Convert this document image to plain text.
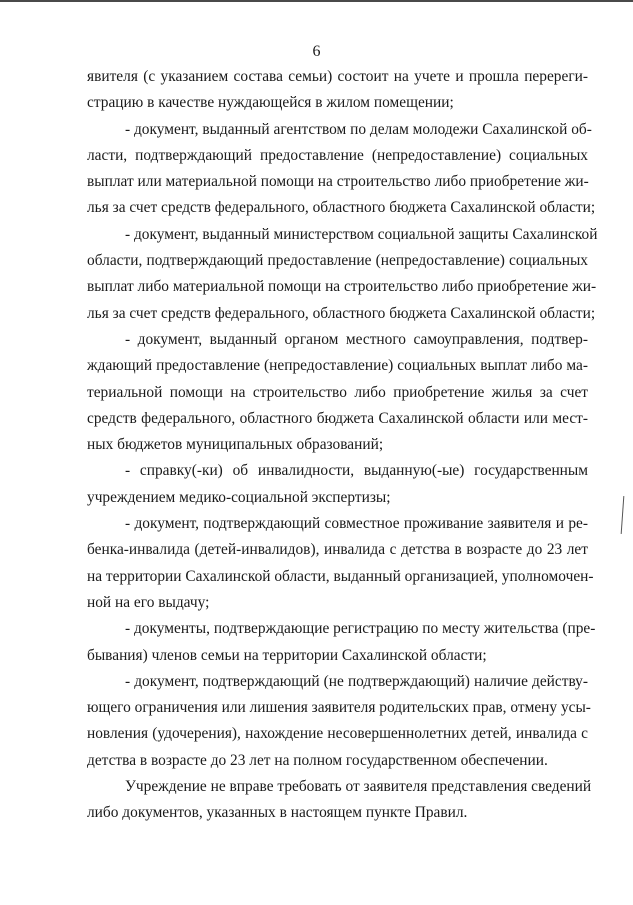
6
явителя (с указанием состава семьи) состоит на учете и прошла перереги-
страцию в качестве нуждающейся в жилом помещении;
- документ, выданный агентством по делам молодежи Сахалинской об-
ласти, подтверждающий предоставление (непредоставление) социальных
выплат или материальной помощи на строительство либо приобретение жи-
лья за счет средств федерального, областного бюджета Сахалинской области;
- документ, выданный министерством социальной защиты Сахалинской
области, подтверждающий предоставление (непредоставление) социальных
выплат либо материальной помощи на строительство либо приобретение жи-
лья за счет средств федерального, областного бюджета Сахалинской области;
- документ, выданный органом местного самоуправления, подтвер-
ждающий предоставление (непредоставление) социальных выплат либо ма-
териальной помощи на строительство либо приобретение жилья за счет
средств федерального, областного бюджета Сахалинской области или мест-
ных бюджетов муниципальных образований;
- справку(-ки) об инвалидности, выданную(-ые) государственным
учреждением медико-социальной экспертизы;
- документ, подтверждающий совместное проживание заявителя и ре-
бенка-инвалида (детей-инвалидов), инвалида с детства в возрасте до 23 лет
на территории Сахалинской области, выданный организацией, уполномочен-
ной на его выдачу;
- документы, подтверждающие регистрацию по месту жительства (пре-
бывания) членов семьи на территории Сахалинской области;
- документ, подтверждающий (не подтверждающий) наличие действу-
ющего ограничения или лишения заявителя родительских прав, отмену усы-
новления (удочерения), нахождение несовершеннолетних детей, инвалида с
детства в возрасте до 23 лет на полном государственном обеспечении.
Учреждение не вправе требовать от заявителя представления сведений
либо документов, указанных в настоящем пункте Правил.
